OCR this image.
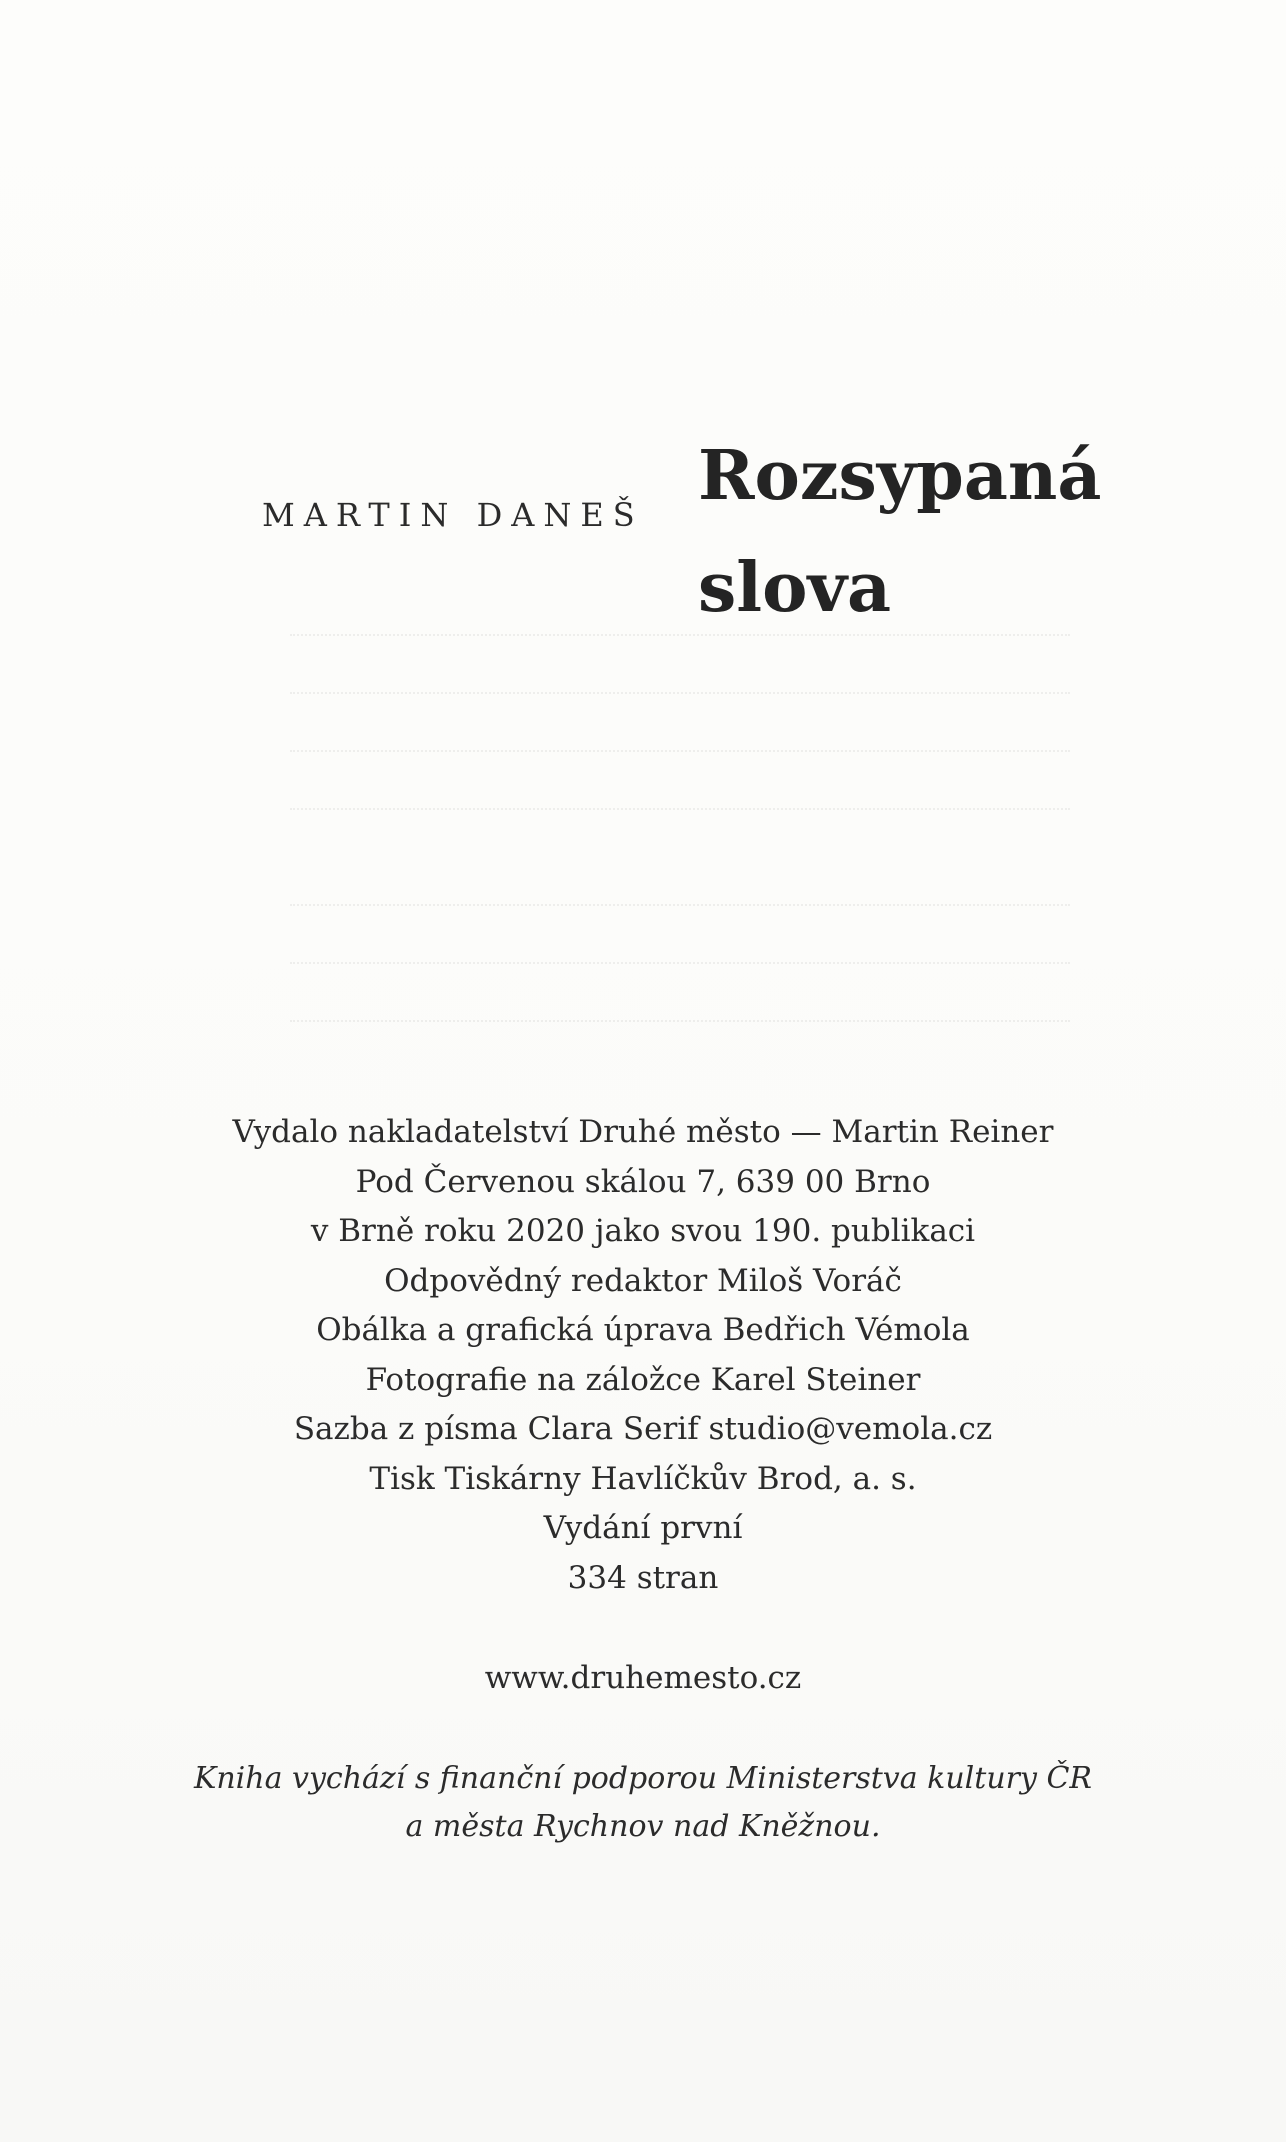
MARTIN DANEŠ Rozsypaná
slova
Vydalo nakladatelství Druhé město — Martin Reiner
Pod Červenou skálou 7, 639 00 Brno
v Brně roku 2020 jako svou 190. publikaci
Odpovědný redaktor Miloš Voráč
Obálka a grafická úprava Bedřich Vémola
Fotografie na záložce Karel Steiner
Sazba z písma Clara Serif studio@vemola.cz
Tisk Tiskárny Havlíčkův Brod, a. s.
Vydání první
334 stran
www.druhemesto.cz
Kniha vychází s finanční podporou Ministerstva kultury ČR
a města Rychnov nad Kněžnou.
